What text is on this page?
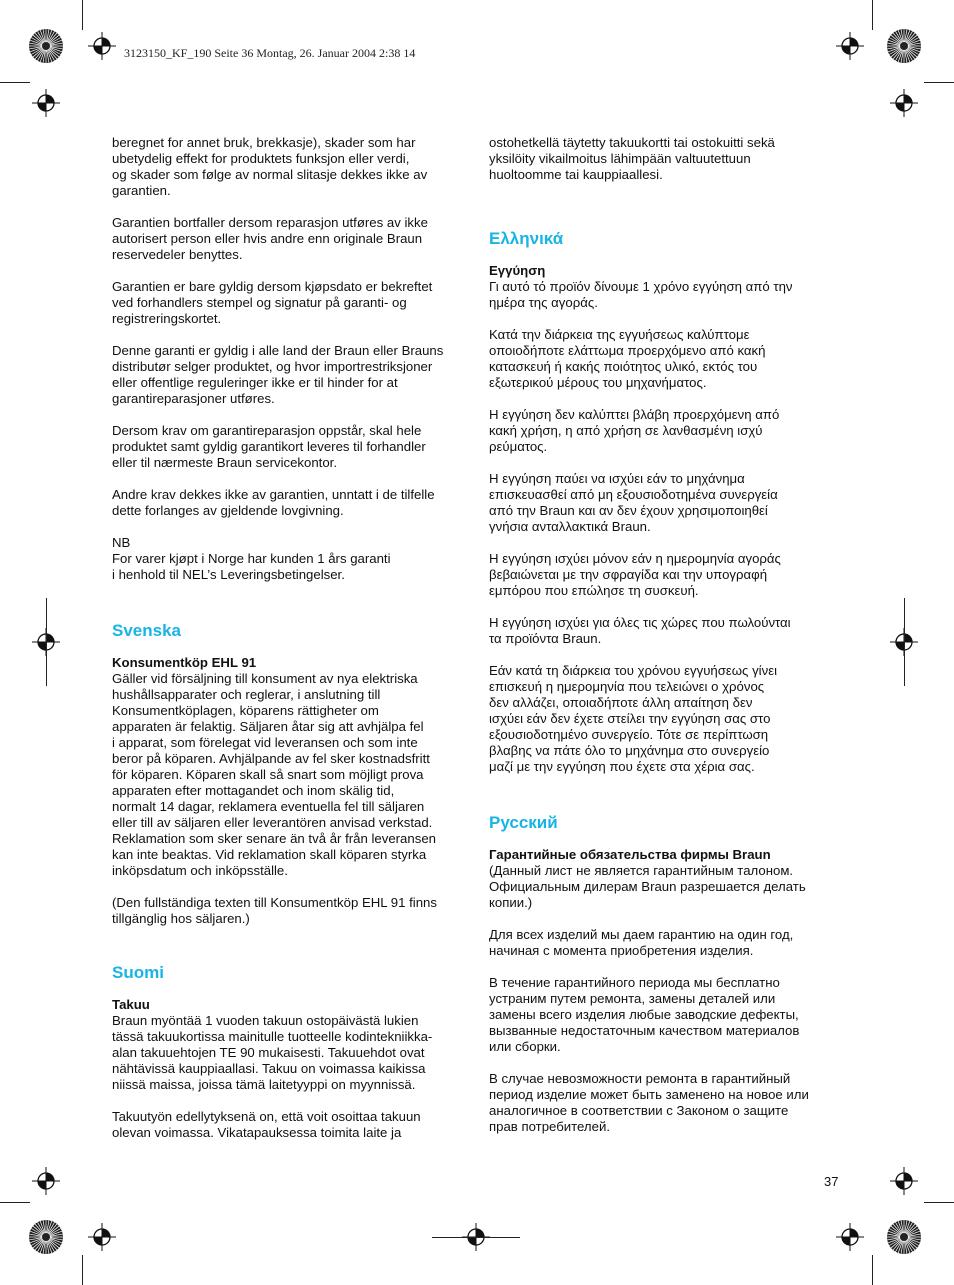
3123150_KF_190 Seite 36 Montag, 26. Januar 2004 2:38 14

beregnet for annet bruk, brekkasje), skader som har
ubetydelig effekt for produktets funksjon eller verdi,
og skader som følge av normal slitasje dekkes ikke av
garantien.

Garantien bortfaller dersom reparasjon utføres av ikke
autorisert person eller hvis andre enn originale Braun
reservedeler benyttes.

Garantien er bare gyldig dersom kjøpsdato er bekreftet
ved forhandlers stempel og signatur på garanti- og
registreringskortet.

Denne garanti er gyldig i alle land der Braun eller Brauns
distributør selger produktet, og hvor importrestriksjoner
eller offentlige reguleringer ikke er til hinder for at
garantireparasjoner utføres.

Dersom krav om garantireparasjon oppstår, skal hele
produktet samt gyldig garantikort leveres til forhandler
eller til nærmeste Braun servicekontor.

Andre krav dekkes ikke av garantien, unntatt i de tilfelle
dette forlanges av gjeldende lovgivning.

NB
For varer kjøpt i Norge har kunden 1 års garanti
i henhold til NEL’s Leveringsbetingelser.

Svenska

Konsumentköp EHL 91

Gäller vid försäljning till konsument av nya elektriska
hushållsapparater och reglerar, i anslutning till
Konsumentköplagen, köparens rättigheter om
apparaten är felaktig. Säljaren åtar sig att avhjälpa fel
i apparat, som förelegat vid leveransen och som inte
beror på köparen. Avhjälpande av fel sker kostnadsfritt
för köparen. Köparen skall så snart som möjligt prova
apparaten efter mottagandet och inom skälig tid,
normalt 14 dagar, reklamera eventuella fel till säljaren
eller till av säljaren eller leverantören anvisad verkstad.
Reklamation som sker senare än två år från leveransen
kan inte beaktas. Vid reklamation skall köparen styrka
inköpsdatum och inköpsställe.

(Den fullständiga texten till Konsumentköp EHL 91 finns
tillgänglig hos säljaren.)

Suomi

Takuu

Braun myöntää 1 vuoden takuun ostopäivästä lukien
tässä takuukortissa mainitulle tuotteelle kodintekniikka-
alan takuuehtojen TE 90 mukaisesti. Takuuehdot ovat
nähtävissä kauppiaallasi. Takuu on voimassa kaikissa
niissä maissa, joissa tämä laitetyyppi on myynnissä.

Takuutyön edellytyksenä on, että voit osoittaa takuun
olevan voimassa. Vikatapauksessa toimita laite ja

ostohetkellä täytetty takuukortti tai ostokuitti sekä
yksilöity vikailmoitus lähimpään valtuutettuun
huoltoomme tai kauppiaallesi.

Ελληνικά

Εγγύηση

Γι αυτό τό προϊόν δίνουμε 1 χρόνο εγγύηση από την
ημέρα της αγοράς.

Κατά την διάρκεια της εγγυήσεως καλύπτομε
οποιοδήποτε ελάττωμα προερχόμενο από κακή
κατασκευή ή κακής ποιότητος υλικό, εκτός του
εξωτερικού μέρους του μηχανήματος.

Η εγγύηση δεν καλύπτει βλάβη προερχόμενη από
κακή χρήση, η από χρήση σε λανθασμένη ισχύ
ρεύματος.

Η εγγύηση παύει να ισχύει εάν το μηχάνημα
επισκευασθεί από μη εξουσιοδοτημένα συνεργεία
από την Braun και αν δεν έχουν χρησιμοποιηθεί
γνήσια ανταλλακτικά Braun.

Η εγγύηση ισχύει μόνον εάν η ημερομηνία αγοράς
βεβαιώνεται με την σφραγίδα και την υπογραφή
εμπόρου που επώλησε τη συσκευή.

Η εγγύηση ισχύει για όλες τις χώρες που πωλούνται
τα προϊόντα Braun.

Εάν κατά τη διάρκεια του χρόνου εγγυήσεως γίνει
επισκευή η ημερομηνία που τελειώνει ο χρόνος
δεν αλλάζει, οποιαδήποτε άλλη απαίτηση δεν
ισχύει εάν δεν έχετε στείλει την εγγύηση σας στο
εξουσιοδοτημένο συνεργείο. Τότε σε περίπτωση
βλαβης να πάτε όλο το μηχάνημα στο συνεργείο
μαζί με την εγγύηση που έχετε στα χέρια σας.

Русский

Гарантийные обязательства фирмы Braun

(Данный лист не является гарантийным талоном.
Официальным дилерам Braun разрешается делать
копии.)

Для всех изделий мы даем гарантию на один год,
начиная с момента приобретения изделия.

В течение гарантийного периода мы бесплатно
устраним путем ремонта, замены деталей или
замены всего изделия любые заводские дефекты,
вызванные недостаточным качеством материалов
или сборки.

В случае невозможности ремонта в гарантийный
период изделие может быть заменено на новое или
аналогичное в соответствии с Законом о защите
прав потребителей.

37
